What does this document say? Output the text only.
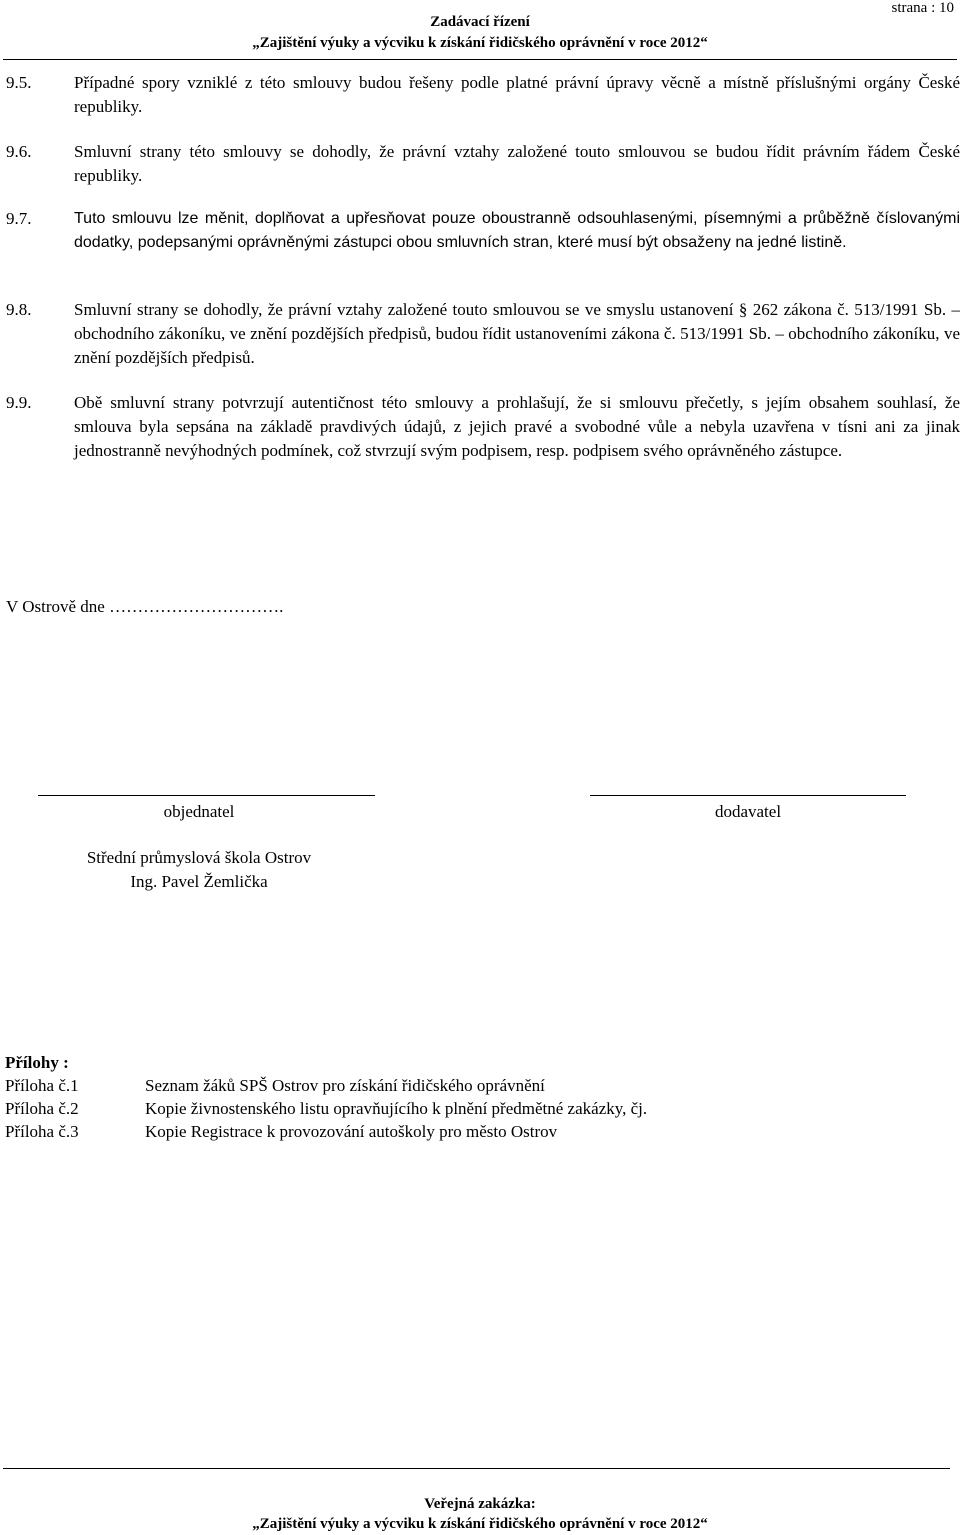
strana : 10
Zadávací řízení
„Zajištění výuky a výcviku k získání řidičského oprávnění v roce 2012“
9.5.	Případné spory vzniklé z této smlouvy budou řešeny podle platné právní úpravy věcně a místně příslušnými orgány České republiky.
9.6.	Smluvní strany této smlouvy se dohodly, že právní vztahy založené touto smlouvou se budou řídit právním řádem České republiky.
9.7.	Tuto smlouvu lze měnit, doplňovat a upřesňovat pouze oboustranně odsouhlasenými, písemnými a průběžně číslovanými dodatky, podepsanými oprávněnými zástupci obou smluvních stran, které musí být obsaženy na jedné listině.
9.8.	Smluvní strany se dohodly, že právní vztahy založené touto smlouvou se ve smyslu ustanovení § 262 zákona č. 513/1991 Sb. – obchodního zákoníku, ve znění pozdějších předpisů, budou řídit ustanoveními zákona č. 513/1991 Sb. – obchodního zákoníku, ve znění pozdějších předpisů.
9.9.	Obě smluvní strany potvrzují autentičnost této smlouvy a prohlašují, že si smlouvu přečetly, s jejím obsahem souhlasí, že smlouva byla sepsána na základě pravdivých údajů, z jejich pravé a svobodné vůle a nebyla uzavřena v tísni ani za jinak jednostranně nevýhodných podmínek, což stvrzují svým podpisem, resp. podpisem svého oprávněného zástupce.
V Ostrově dne ………………………….
objednatel	dodavatel
Střední průmyslová škola Ostrov
Ing. Pavel Žemlička
Přílohy :
Příloha č.1	Seznam žáků SPŠ Ostrov pro získání řidičského oprávnění
Příloha č.2	Kopie živnostenského listu opravňujícího k plnění předmětné zakázky, čj.
Příloha č.3	Kopie Registrace k provozování autoškoly pro město Ostrov
Veřejná zakázka:
„Zajištění výuky a výcviku k získání řidičského oprávnění v roce 2012“
